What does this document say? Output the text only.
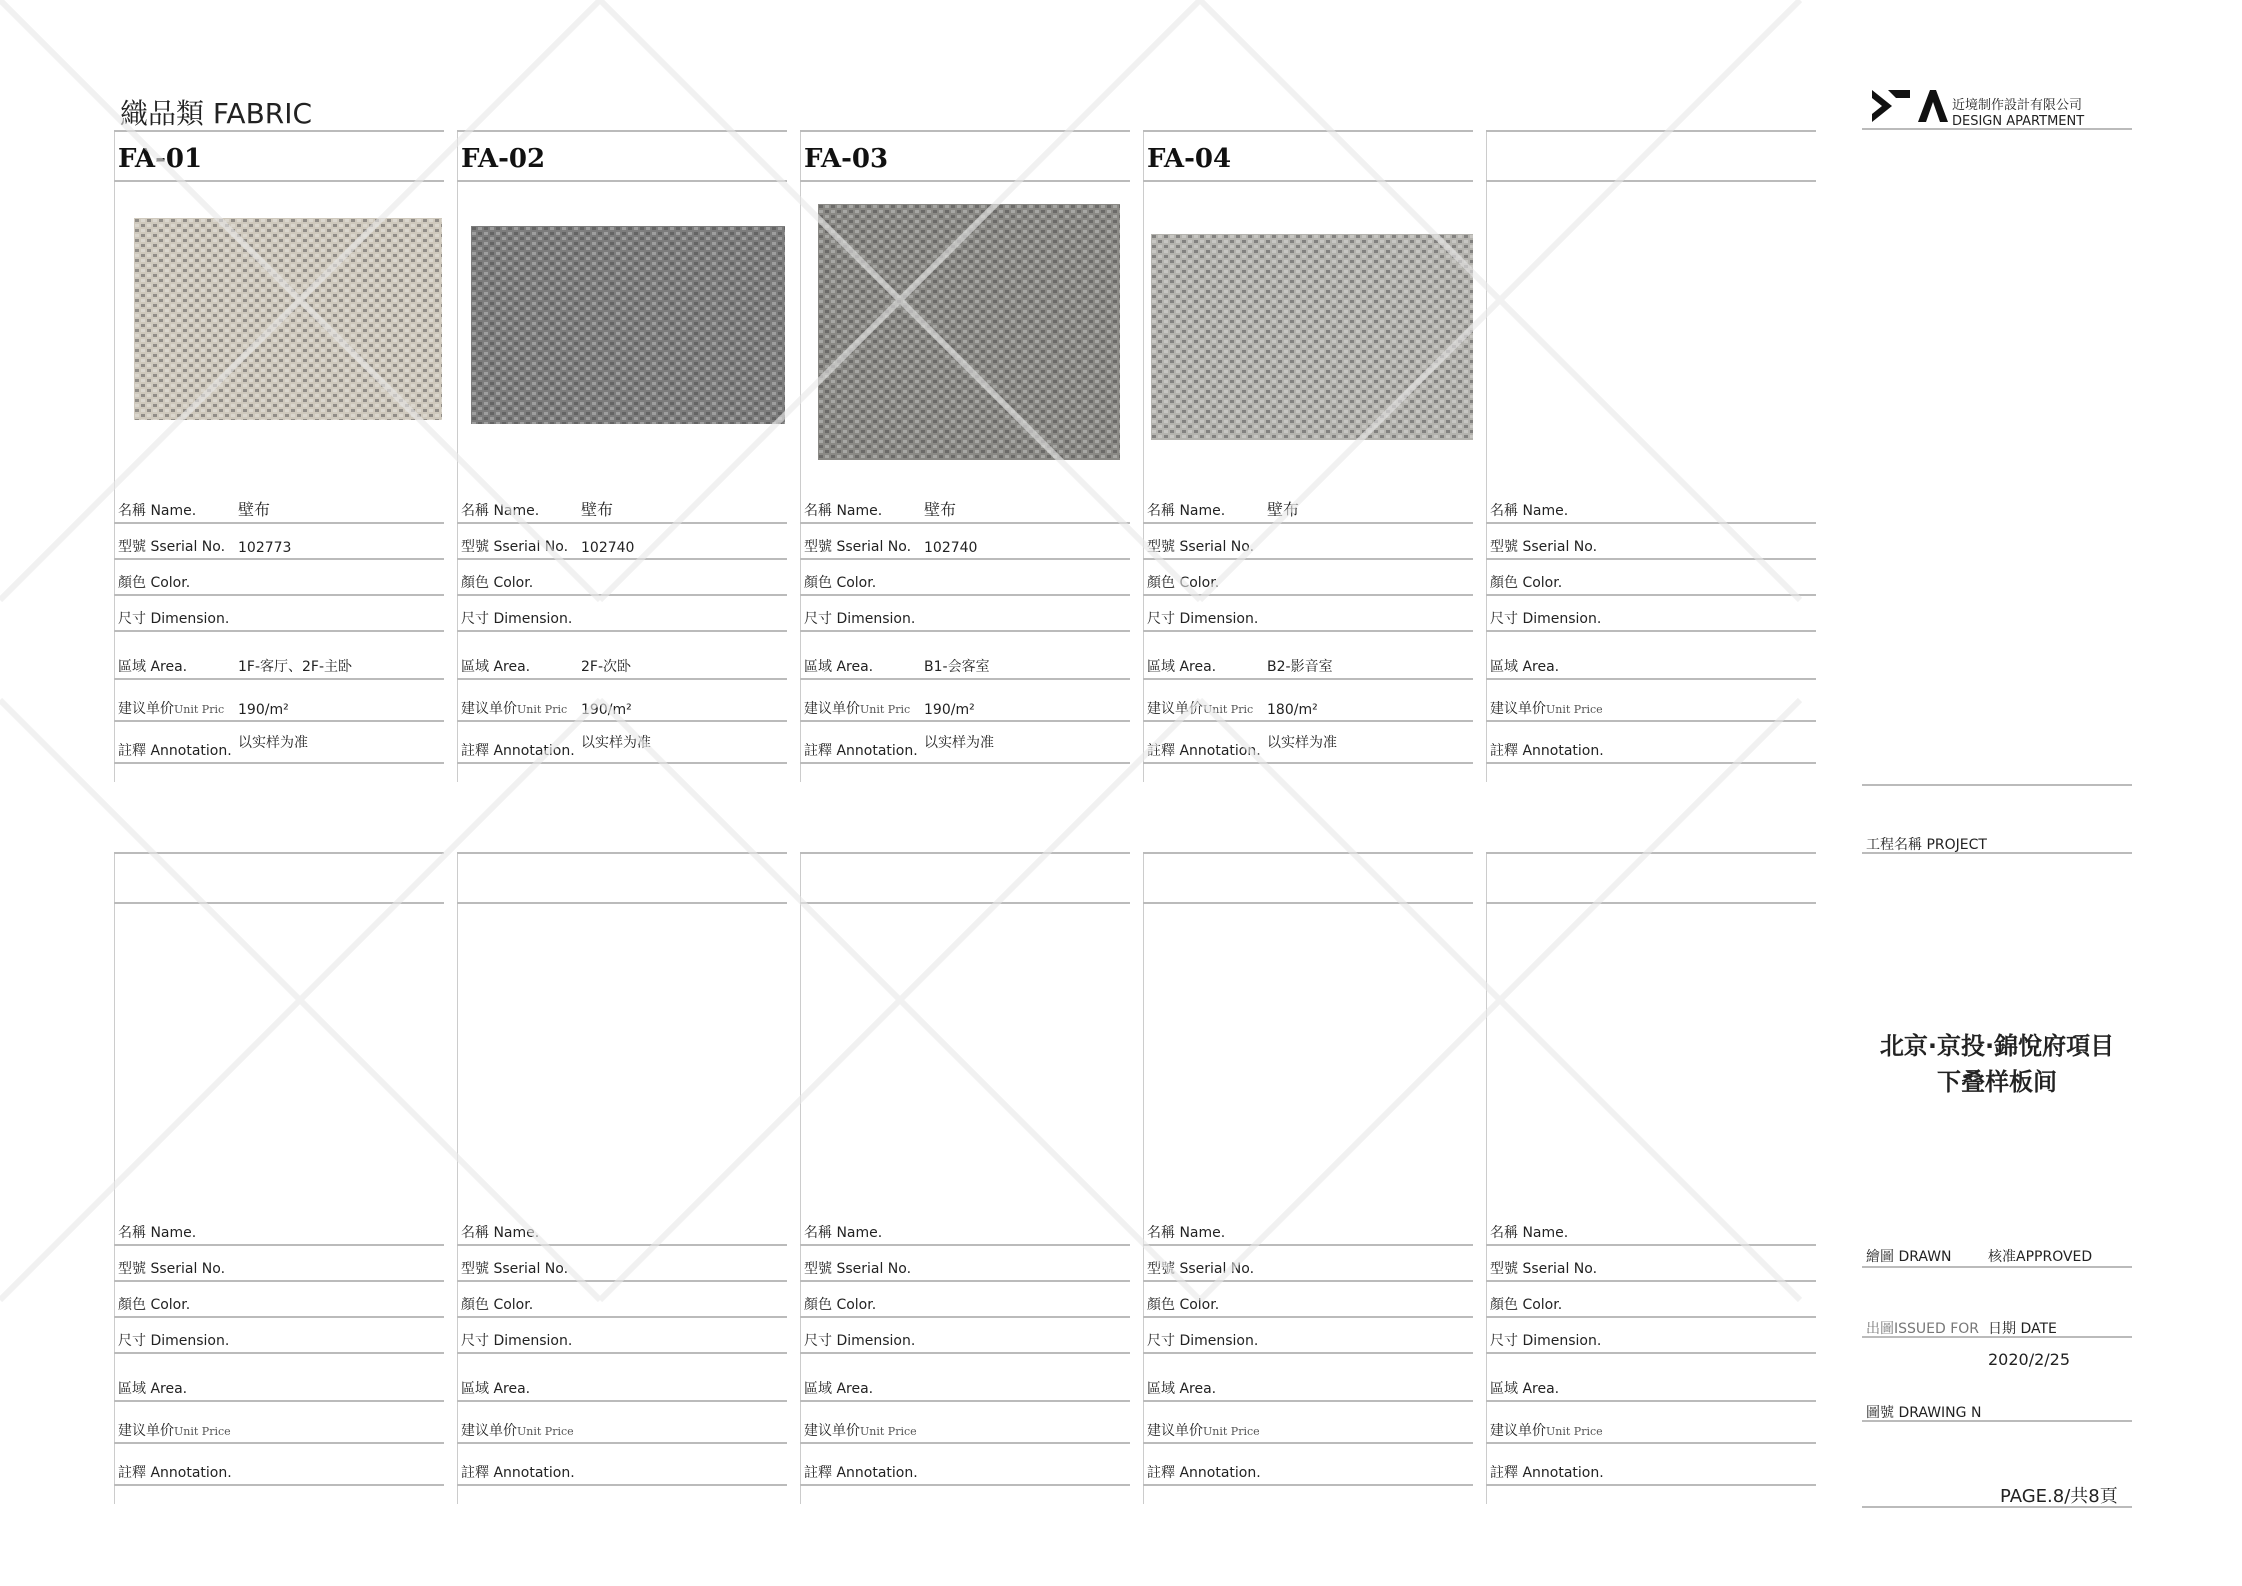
織品類 FABRIC
FA-01
名稱 Name.	壁布
型號 Sserial No. 102773
顏色 Color.
尺寸 Dimension.
區域 Area.	1F-客厅、2F-主卧
建议单价Unit Pric 190/m²
註釋 Annotation. 以实样为准
FA-02
名稱 Name.	壁布
型號 Sserial No. 102740
顏色 Color.
尺寸 Dimension.
區域 Area.	2F-次卧
建议单价Unit Pric 190/m²
註釋 Annotation. 以实样为准
FA-03
名稱 Name.	壁布
型號 Sserial No. 102740
顏色 Color.
尺寸 Dimension.
區域 Area.	B1-会客室
建议单价Unit Pric 190/m²
註釋 Annotation. 以实样为准
FA-04
名稱 Name.	壁布
型號 Sserial No.
顏色 Color.
尺寸 Dimension.
區域 Area.	B2-影音室
建议单价Unit Pric 180/m²
註釋 Annotation. 以实样为准
名稱 Name.
型號 Sserial No.
顏色 Color.
尺寸 Dimension.
區域 Area.
建议单价Unit Price
註釋 Annotation.
名稱 Name.
型號 Sserial No.
顏色 Color.
尺寸 Dimension.
區域 Area.
建议单价Unit Price
註釋 Annotation.
名稱 Name.
型號 Sserial No.
顏色 Color.
尺寸 Dimension.
區域 Area.
建议单价Unit Price
註釋 Annotation.
名稱 Name.
型號 Sserial No.
顏色 Color.
尺寸 Dimension.
區域 Area.
建议单价Unit Price
註釋 Annotation.
名稱 Name.
型號 Sserial No.
顏色 Color.
尺寸 Dimension.
區域 Area.
建议单价Unit Price
註釋 Annotation.
名稱 Name.
型號 Sserial No.
顏色 Color.
尺寸 Dimension.
區域 Area.
建议单价Unit Price
註釋 Annotation.
近境制作設計有限公司
DESIGN APARTMENT
工程名稱 PROJECT
北京·京投·錦悅府項目
下叠样板间
繪圖 DRAWN	核准APPROVED
出圖ISSUED FOR 日期 DATE
2020/2/25
圖號 DRAWING N
PAGE.8/共8頁
